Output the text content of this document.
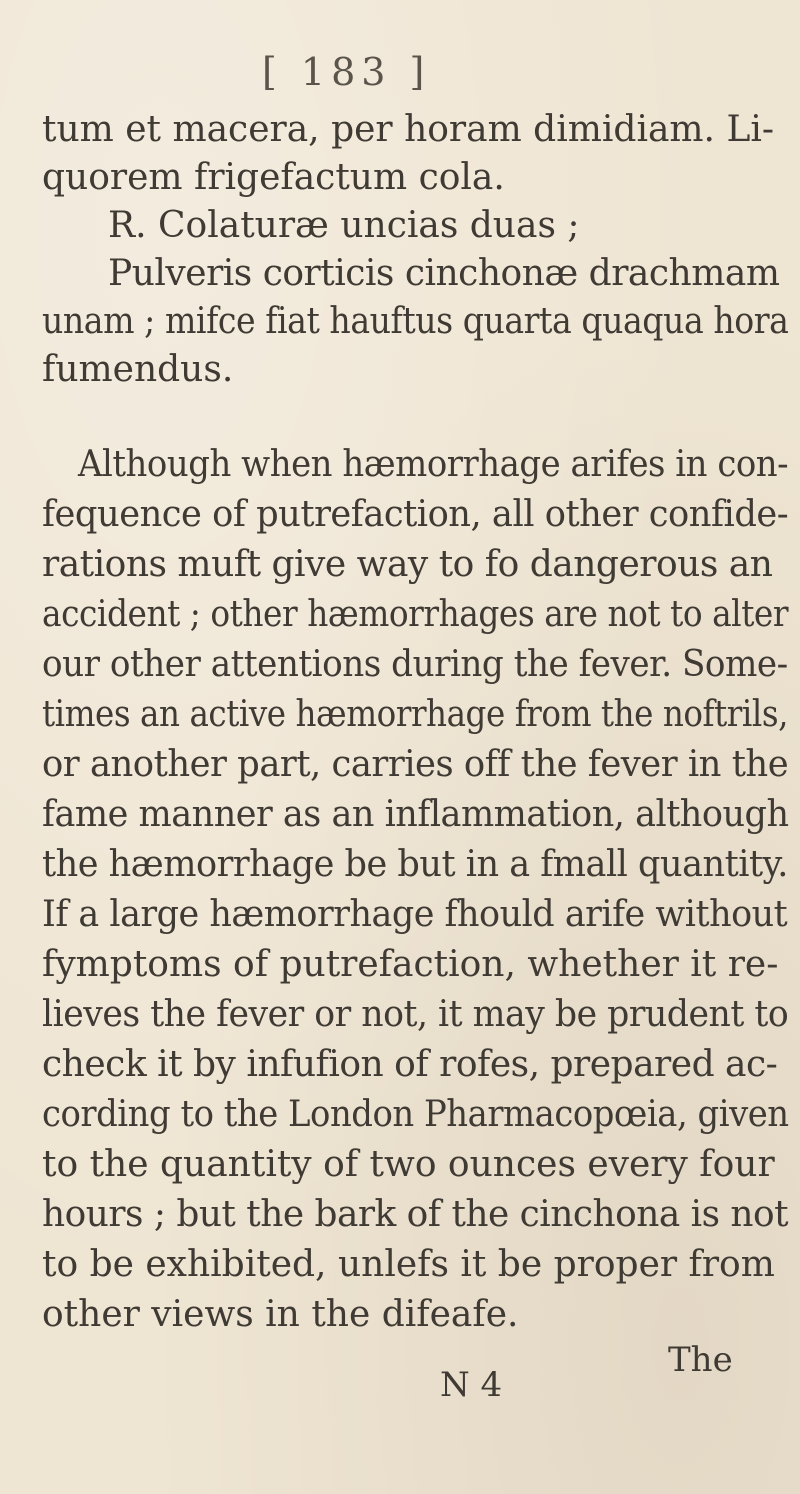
[ 183 ]
tum et macera, per horam dimidiam. Li-
quorem frigefactum cola.
R. Colaturæ uncias duas ;
Pulveris corticis cinchonæ drachmam
unam ; mifce fiat hauftus quarta quaqua hora
fumendus.
Although when hæmorrhage arifes in con-
fequence of putrefaction, all other confide-
rations muft give way to fo dangerous an
accident ; other hæmorrhages are not to alter
our other attentions during the fever. Some-
times an active hæmorrhage from the noftrils,
or another part, carries off the fever in the
fame manner as an inflammation, although
the hæmorrhage be but in a fmall quantity.
If a large hæmorrhage fhould arife without
fymptoms of putrefaction, whether it re-
lieves the fever or not, it may be prudent to
check it by infufion of rofes, prepared ac-
cording to the London Pharmacopœia, given
to the quantity of two ounces every four
hours ; but the bark of the cinchona is not
to be exhibited, unlefs it be proper from
other views in the difeafe.
N 4
The
